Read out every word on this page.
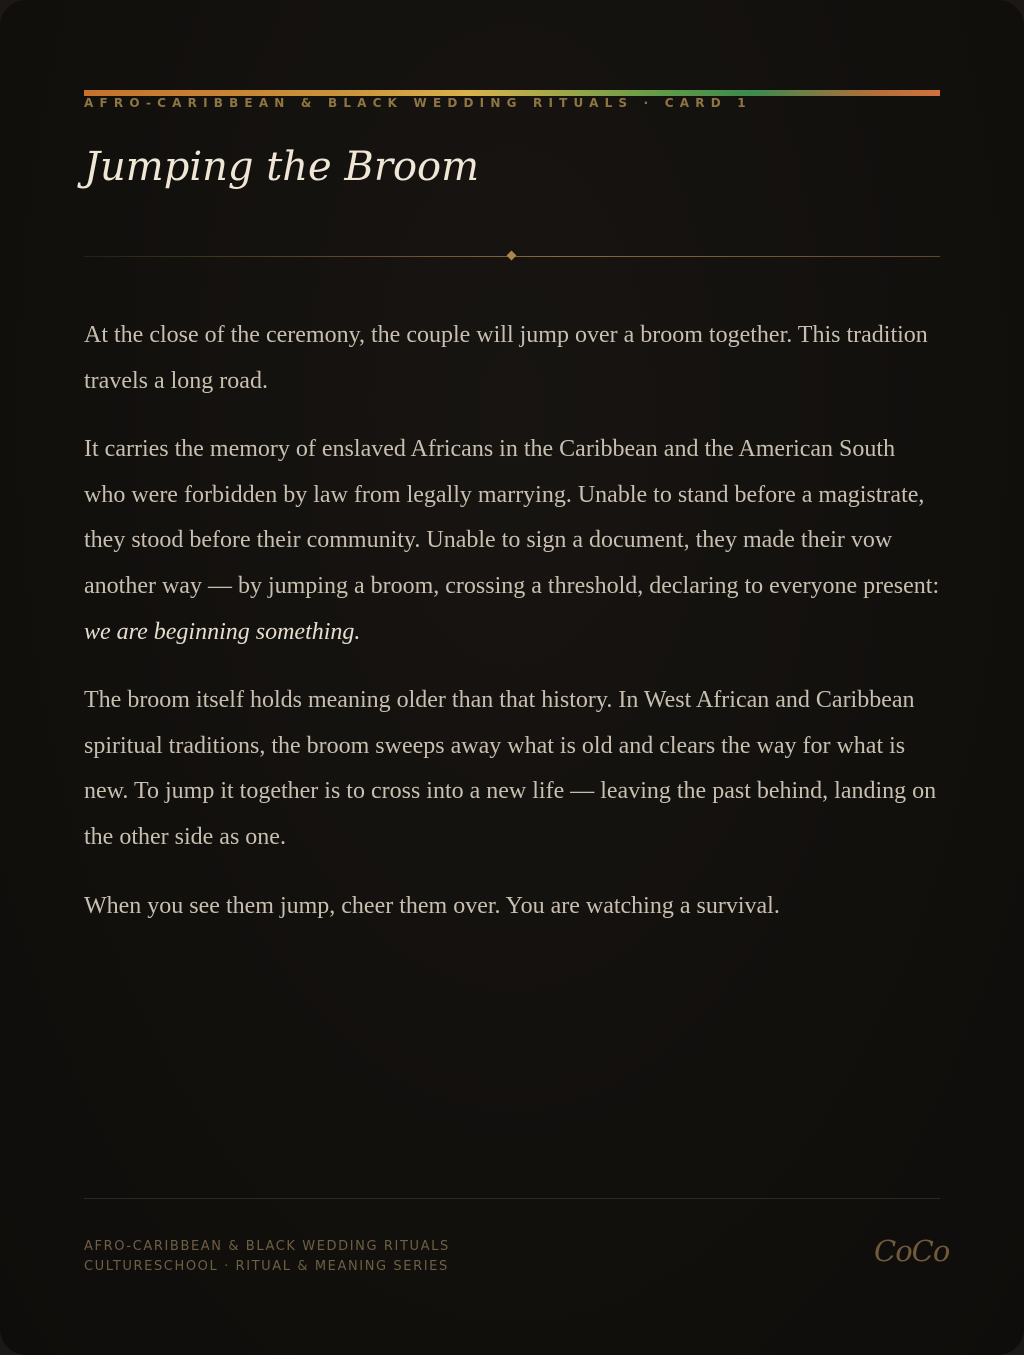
AFRO-CARIBBEAN & BLACK WEDDING RITUALS · CARD 1
Jumping the Broom

At the close of the ceremony, the couple will jump over a broom together. This tradition travels a long road.

It carries the memory of enslaved Africans in the Caribbean and the American South who were forbidden by law from legally marrying. Unable to stand before a magistrate, they stood before their community. Unable to sign a document, they made their vow another way — by jumping a broom, crossing a threshold, declaring to everyone present: we are beginning something.

The broom itself holds meaning older than that history. In West African and Caribbean spiritual traditions, the broom sweeps away what is old and clears the way for what is new. To jump it together is to cross into a new life — leaving the past behind, landing on the other side as one.

When you see them jump, cheer them over. You are watching a survival.

AFRO-CARIBBEAN & BLACK WEDDING RITUALS
CULTURESCHOOL · RITUAL & MEANING SERIES	CoCo
